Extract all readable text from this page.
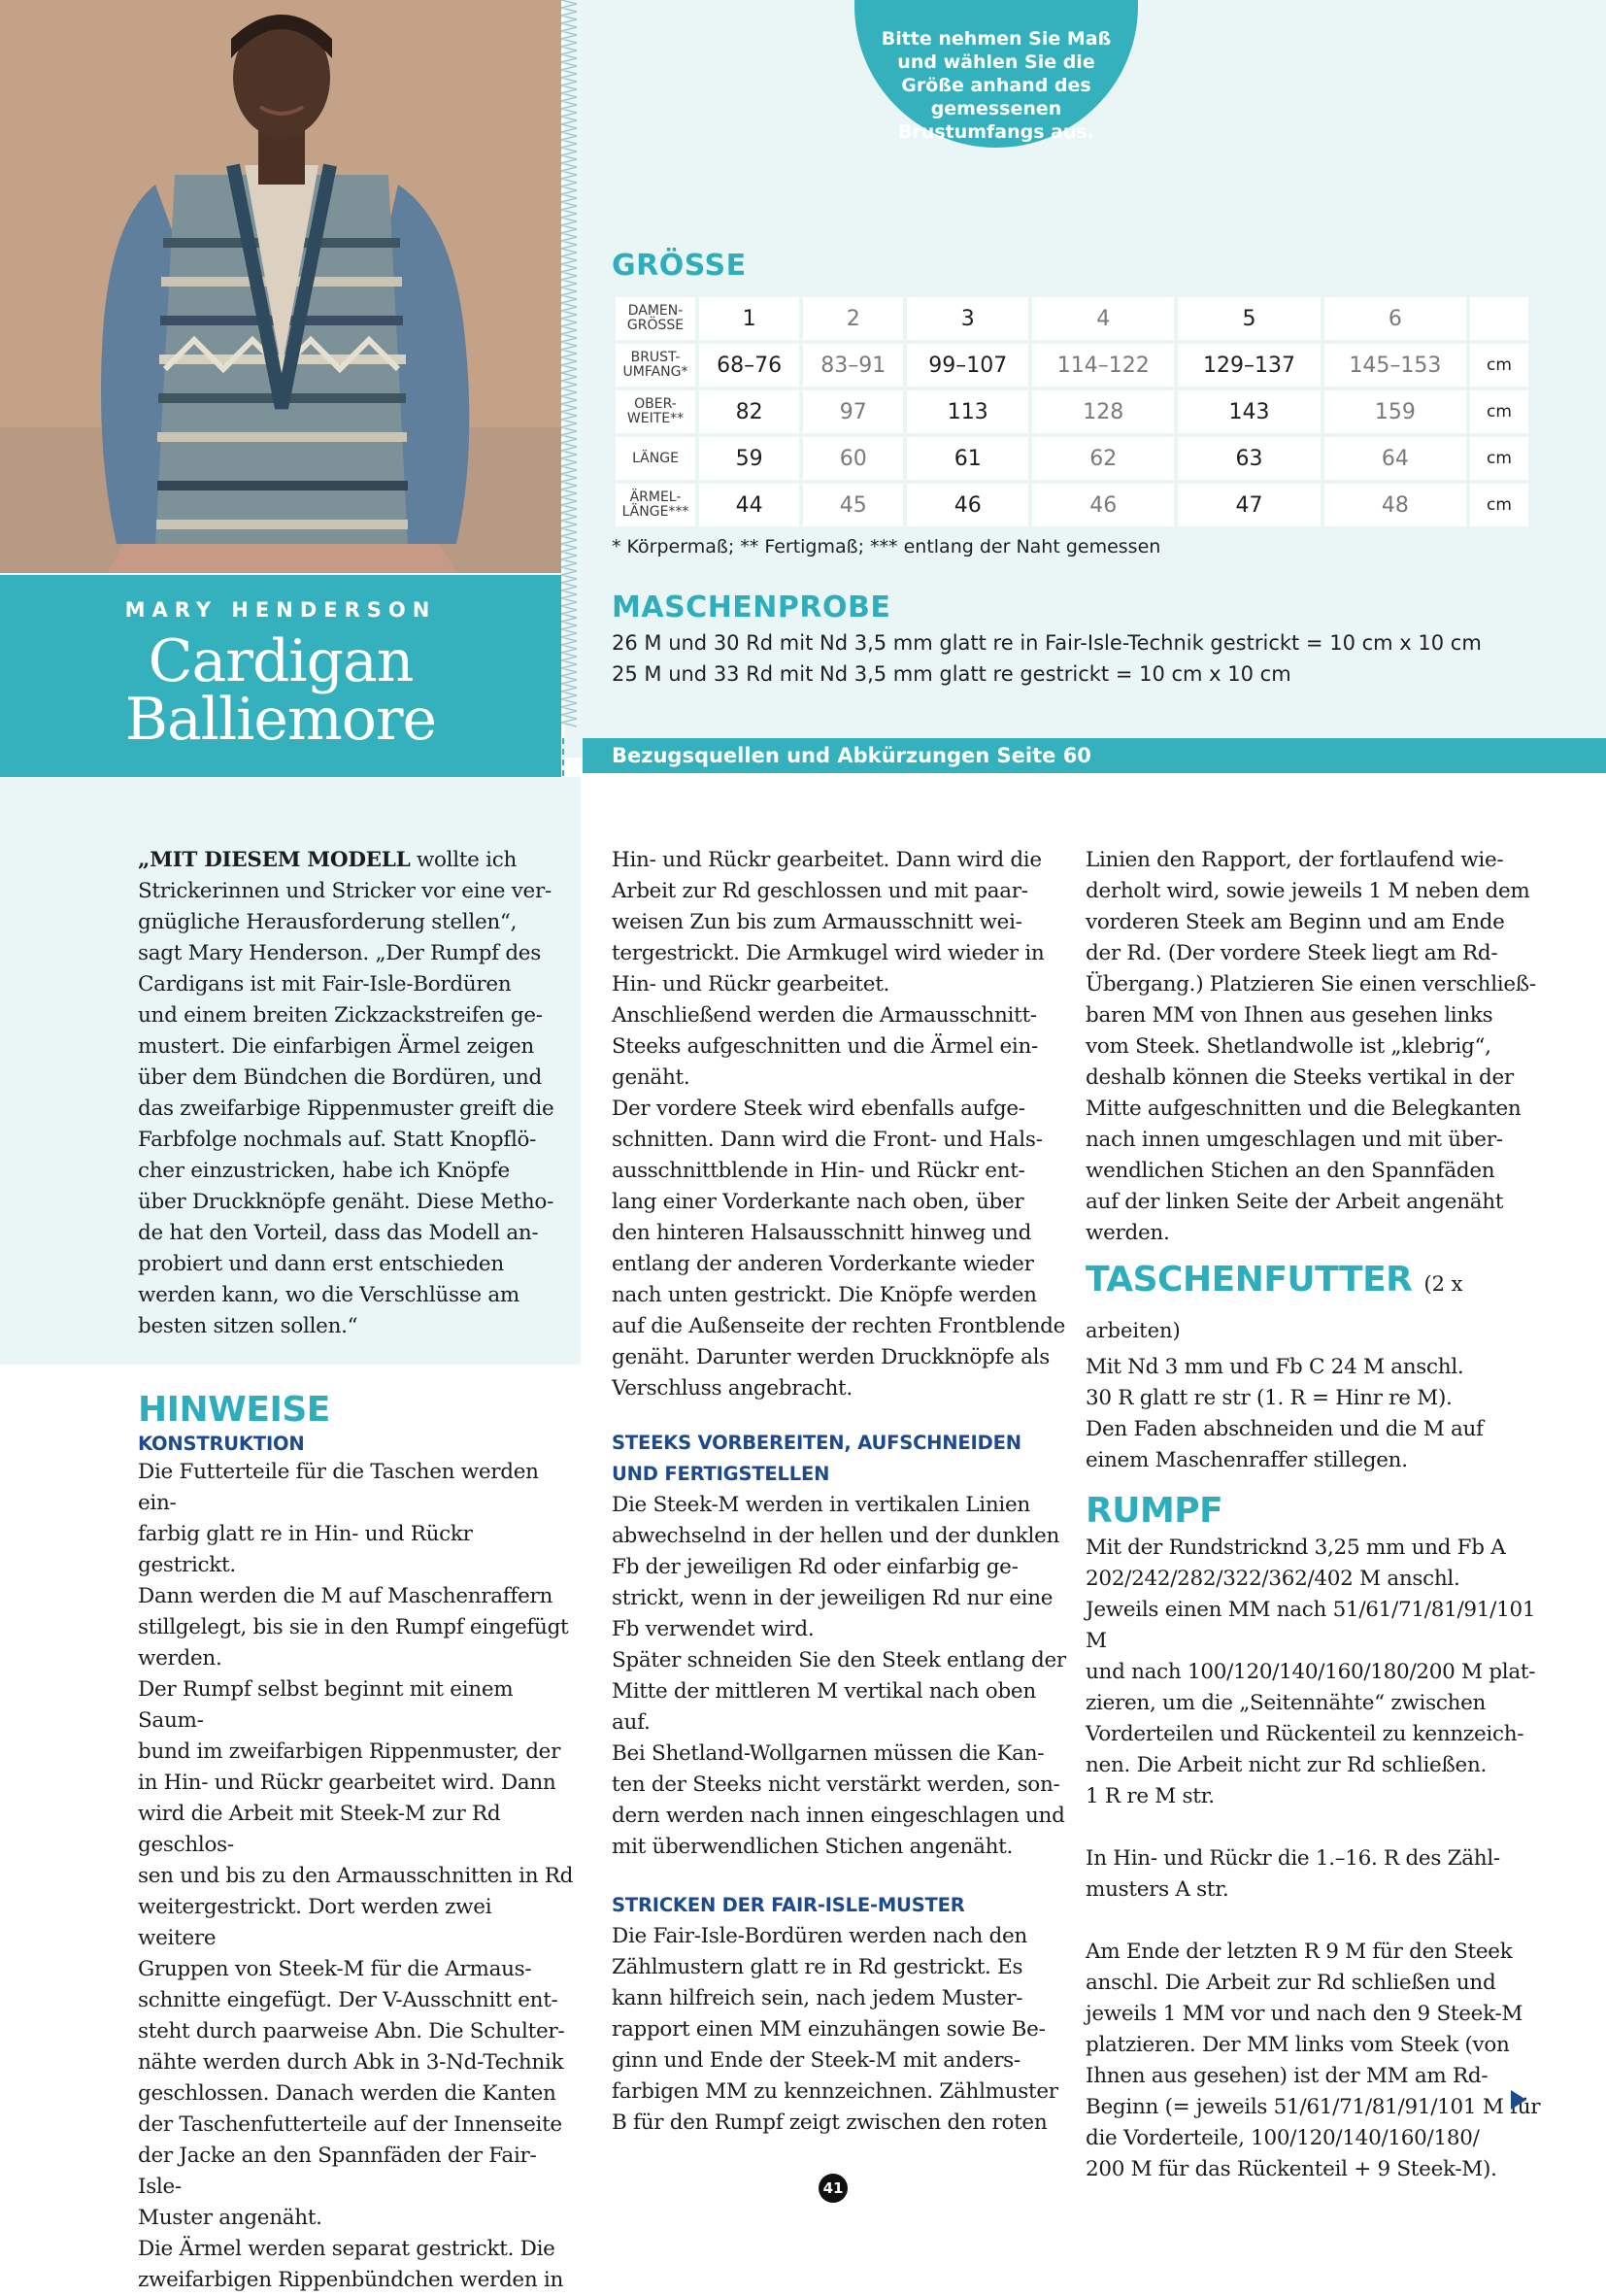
MARY HENDERSON
Cardigan
Balliemore
Bitte nehmen Sie Maß und wählen Sie die Größe anhand des gemessenen Brustumfangs aus.
GRÖSSE
DAMEN-
GRÖSSE	1	2	3	4	5	6	
BRUST-
UMFANG*	68–76	83–91	99–107	114–122	129–137	145–153	cm
OBER-
WEITE**	82	97	113	128	143	159	cm
LÄNGE	59	60	61	62	63	64	cm
ÄRMEL-
LÄNGE***	44	45	46	46	47	48	cm
* Körpermaß; ** Fertigmaß; *** entlang der Naht gemessen
MASCHENPROBE
26 M und 30 Rd mit Nd 3,5 mm glatt re in Fair-Isle-Technik gestrickt = 10 cm x 10 cm
25 M und 33 Rd mit Nd 3,5 mm glatt re gestrickt = 10 cm x 10 cm
Bezugsquellen und Abkürzungen Seite 60

„MIT DIESEM MODELL wollte ich
Strickerinnen und Stricker vor eine ver-
gnügliche Herausforderung stellen“,
sagt Mary Henderson. „Der Rumpf des
Cardigans ist mit Fair-Isle-Bordüren
und einem breiten Zickzackstreifen ge-
mustert. Die einfarbigen Ärmel zeigen
über dem Bündchen die Bordüren, und
das zweifarbige Rippenmuster greift die
Farbfolge nochmals auf. Statt Knopflö-
cher einzustricken, habe ich Knöpfe
über Druckknöpfe genäht. Diese Metho-
de hat den Vorteil, dass das Modell an-
probiert und dann erst entschieden
werden kann, wo die Verschlüsse am
besten sitzen sollen.“

HINWEISE
KONSTRUKTION

Die Futterteile für die Taschen werden ein-
farbig glatt re in Hin- und Rückr gestrickt.
Dann werden die M auf Maschenraffern
stillgelegt, bis sie in den Rumpf eingefügt
werden.
Der Rumpf selbst beginnt mit einem Saum-
bund im zweifarbigen Rippenmuster, der
in Hin- und Rückr gearbeitet wird. Dann
wird die Arbeit mit Steek-M zur Rd geschlos-
sen und bis zu den Armausschnitten in Rd
weitergestrickt. Dort werden zwei weitere
Gruppen von Steek-M für die Armaus-
schnitte eingefügt. Der V-Ausschnitt ent-
steht durch paarweise Abn. Die Schulter-
nähte werden durch Abk in 3-Nd-Technik
geschlossen. Danach werden die Kanten
der Taschenfutterteile auf der Innenseite
der Jacke an den Spannfäden der Fair-Isle-
Muster angenäht.
Die Ärmel werden separat gestrickt. Die
zweifarbigen Rippenbündchen werden in

Hin- und Rückr gearbeitet. Dann wird die
Arbeit zur Rd geschlossen und mit paar-
weisen Zun bis zum Armausschnitt wei-
tergestrickt. Die Armkugel wird wieder in
Hin- und Rückr gearbeitet.
Anschließend werden die Armausschnitt-
Steeks aufgeschnitten und die Ärmel ein-
genäht.
Der vordere Steek wird ebenfalls aufge-
schnitten. Dann wird die Front- und Hals-
ausschnittblende in Hin- und Rückr ent-
lang einer Vorderkante nach oben, über
den hinteren Halsausschnitt hinweg und
entlang der anderen Vorderkante wieder
nach unten gestrickt. Die Knöpfe werden
auf die Außenseite der rechten Frontblende
genäht. Darunter werden Druckknöpfe als
Verschluss angebracht.

STEEKS VORBEREITEN, AUFSCHNEIDEN
UND FERTIGSTELLEN

Die Steek-M werden in vertikalen Linien
abwechselnd in der hellen und der dunklen
Fb der jeweiligen Rd oder einfarbig ge-
strickt, wenn in der jeweiligen Rd nur eine
Fb verwendet wird.
Später schneiden Sie den Steek entlang der
Mitte der mittleren M vertikal nach oben auf.
Bei Shetland-Wollgarnen müssen die Kan-
ten der Steeks nicht verstärkt werden, son-
dern werden nach innen eingeschlagen und
mit überwendlichen Stichen angenäht.

STRICKEN DER FAIR-ISLE-MUSTER

Die Fair-Isle-Bordüren werden nach den
Zählmustern glatt re in Rd gestrickt. Es
kann hilfreich sein, nach jedem Muster-
rapport einen MM einzuhängen sowie Be-
ginn und Ende der Steek-M mit anders-
farbigen MM zu kennzeichnen. Zählmuster
B für den Rumpf zeigt zwischen den roten

Linien den Rapport, der fortlaufend wie-
derholt wird, sowie jeweils 1 M neben dem
vorderen Steek am Beginn und am Ende
der Rd. (Der vordere Steek liegt am Rd-
Übergang.) Platzieren Sie einen verschließ-
baren MM von Ihnen aus gesehen links
vom Steek. Shetlandwolle ist „klebrig“,
deshalb können die Steeks vertikal in der
Mitte aufgeschnitten und die Belegkanten
nach innen umgeschlagen und mit über-
wendlichen Stichen an den Spannfäden
auf der linken Seite der Arbeit angenäht
werden.

TASCHENFUTTER (2 x arbeiten)

Mit Nd 3 mm und Fb C 24 M anschl.
30 R glatt re str (1. R = Hinr re M).
Den Faden abschneiden und die M auf
einem Maschenraffer stillegen.

RUMPF

Mit der Rundstricknd 3,25 mm und Fb A
202/242/282/322/362/402 M anschl.
Jeweils einen MM nach 51/61/71/81/91/101 M
und nach 100/120/140/160/180/200 M plat-
zieren, um die „Seitennähte“ zwischen
Vorderteilen und Rückenteil zu kennzeich-
nen. Die Arbeit nicht zur Rd schließen.
1 R re M str.

In Hin- und Rückr die 1.–16. R des Zähl-
musters A str.

Am Ende der letzten R 9 M für den Steek
anschl. Die Arbeit zur Rd schließen und
jeweils 1 MM vor und nach den 9 Steek-M
platzieren. Der MM links vom Steek (von
Ihnen aus gesehen) ist der MM am Rd-
Beginn (= jeweils 51/61/71/81/91/101 M für
die Vorderteile, 100/120/140/160/180/
200 M für das Rückenteil + 9 Steek-M).

41
